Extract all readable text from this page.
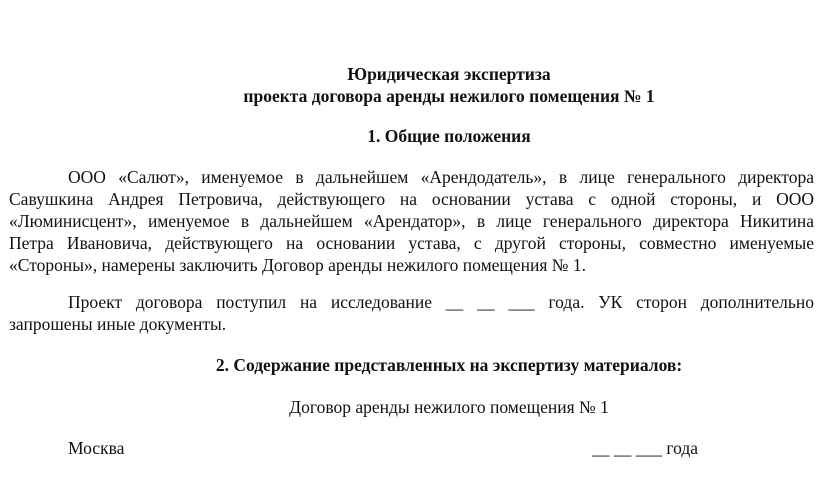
Юридическая экспертиза
проекта договора аренды нежилого помещения № 1
1. Общие положения
ООО «Салют», именуемое в дальнейшем «Арендодатель», в лице генерального директора
Савушкина Андрея Петровича, действующего на основании устава с одной стороны, и ООО
«Люминисцент», именуемое в дальнейшем «Арендатор», в лице генерального директора Никитина
Петра Ивановича, действующего на основании устава, с другой стороны, совместно именуемые
«Стороны», намерены заключить Договор аренды нежилого помещения № 1.
Проект договора поступил на исследование __ __ ___ года. УК сторон дополнительно
запрошены иные документы.
2. Содержание представленных на экспертизу материалов:
Договор аренды нежилого помещения № 1
Москва	__ __ ___ года
